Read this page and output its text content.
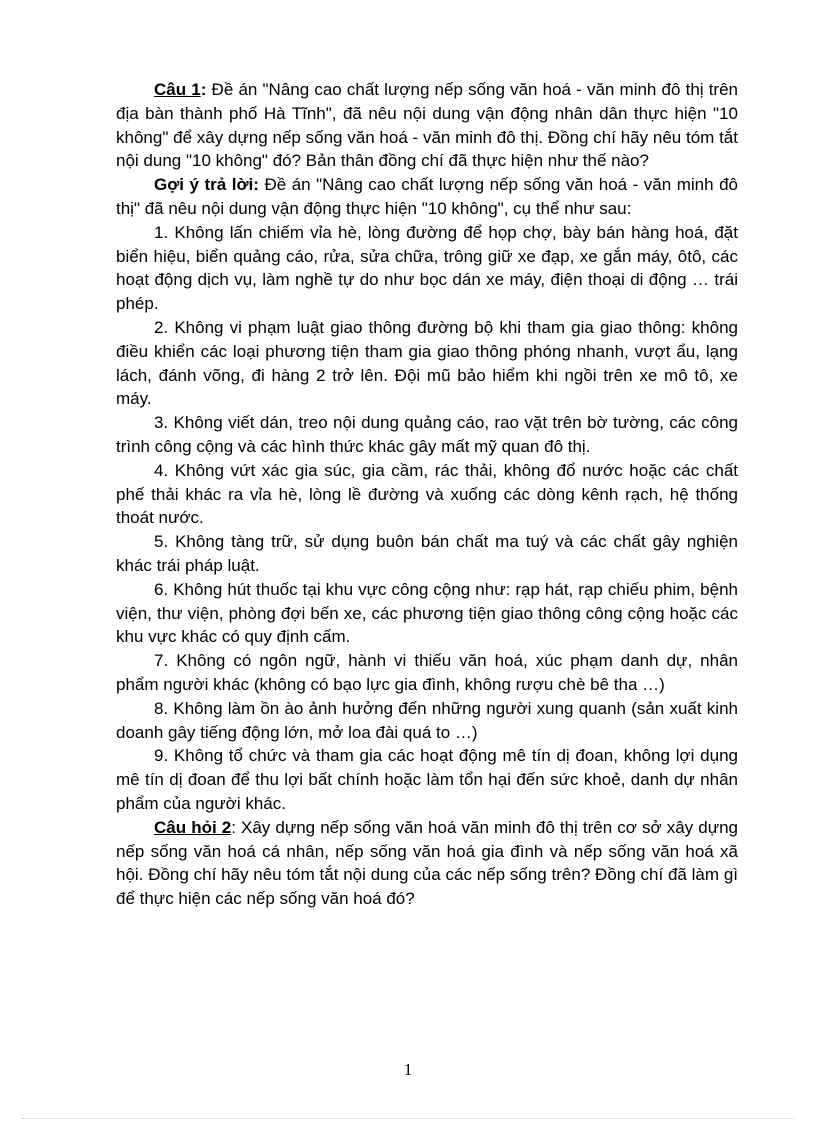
Câu 1: Đề án "Nâng cao chất lượng nếp sống văn hoá - văn minh đô thị trên địa bàn thành phố Hà Tĩnh", đã nêu nội dung vận động nhân dân thực hiện "10 không" để xây dựng nếp sống văn hoá - văn minh đô thị. Đồng chí hãy nêu tóm tắt nội dung "10 không" đó? Bản thân đồng chí đã thực hiện như thế nào?

Gợi ý trả lời: Đề án "Nâng cao chất lượng nếp sống văn hoá - văn minh đô thị" đã nêu nội dung vận động thực hiện "10 không", cụ thể như sau:

1. Không lấn chiếm vỉa hè, lòng đường để họp chợ, bày bán hàng hoá, đặt biển hiệu, biển quảng cáo, rửa, sửa chữa, trông giữ xe đạp, xe gắn máy, ôtô, các hoạt động dịch vụ, làm nghề tự do như bọc dán xe máy, điện thoại di động … trái phép.

2. Không vi phạm luật giao thông đường bộ khi tham gia giao thông: không điều khiển các loại phương tiện tham gia giao thông phóng nhanh, vượt ẩu, lạng lách, đánh võng, đi hàng 2 trở lên. Đội mũ bảo hiểm khi ngồi trên xe mô tô, xe máy.

3. Không viết dán, treo nội dung quảng cáo, rao vặt trên bờ tường, các công trình công cộng và các hình thức khác gây mất mỹ quan đô thị.

4. Không vứt xác gia súc, gia cầm, rác thải, không đổ nước hoặc các chất phế thải khác ra vỉa hè, lòng lề đường và xuống các dòng kênh rạch, hệ thống thoát nước.

5. Không tàng trữ, sử dụng buôn bán chất ma tuý và các chất gây nghiện khác trái pháp luật.

6. Không hút thuốc tại khu vực công cộng như: rạp hát, rạp chiếu phim, bệnh viện, thư viện, phòng đợi bến xe, các phương tiện giao thông công cộng hoặc các khu vực khác có quy định cấm.

7. Không có ngôn ngữ, hành vi thiếu văn hoá, xúc phạm danh dự, nhân phẩm người khác (không có bạo lực gia đình, không rượu chè bê tha …)

8. Không làm ồn ào ảnh hưởng đến những người xung quanh (sản xuất kinh doanh gây tiếng động lớn, mở loa đài quá to …)

9. Không tổ chức và tham gia các hoạt động mê tín dị đoan, không lợi dụng mê tín dị đoan để thu lợi bất chính hoặc làm tổn hại đến sức khoẻ, danh dự nhân phẩm của người khác.

Câu hỏi 2: Xây dựng nếp sống văn hoá văn minh đô thị trên cơ sở xây dựng nếp sống văn hoá cá nhân, nếp sống văn hoá gia đình và nếp sống văn hoá xã hội. Đồng chí hãy nêu tóm tắt nội dung của các nếp sống trên? Đồng chí đã làm gì để thực hiện các nếp sống văn hoá đó?

1
